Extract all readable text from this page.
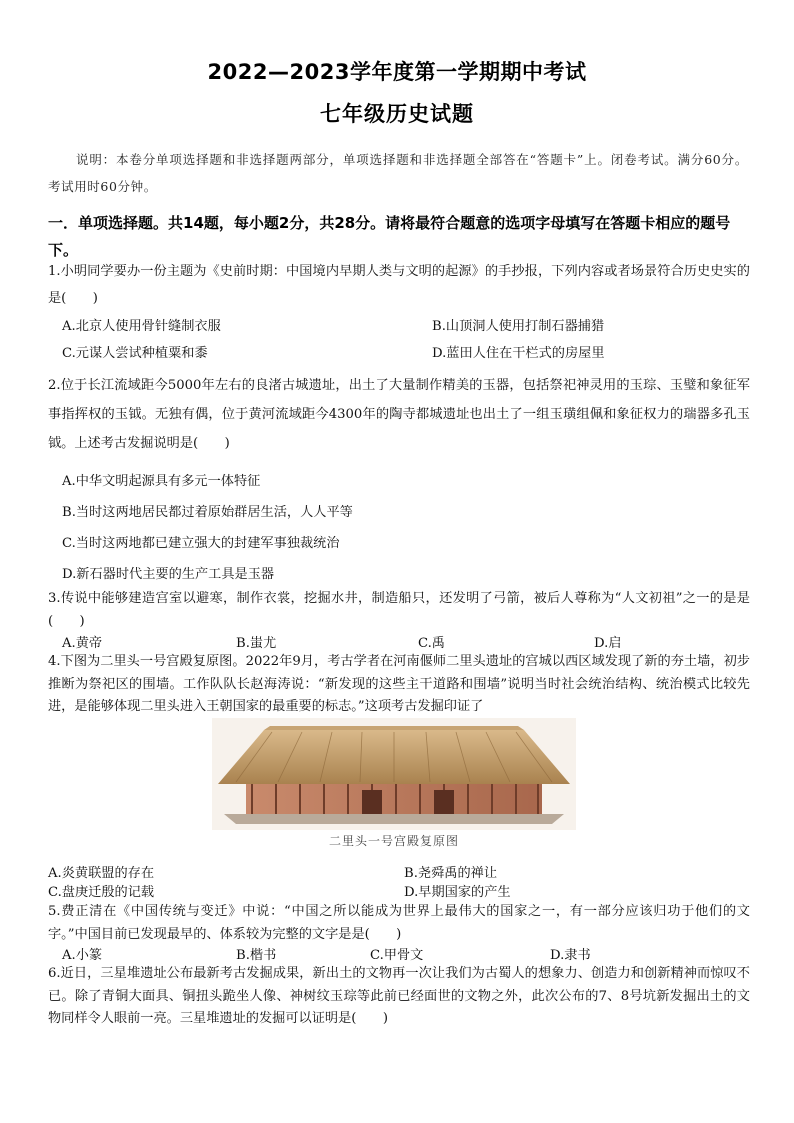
2022—2023学年度第一学期期中考试
七年级历史试题
说明：本卷分单项选择题和非选择题两部分，单项选择题和非选择题全部答在“答题卡”上。闭卷考试。满分60分。考试用时60分钟。
一．单项选择题。共14题，每小题2分，共28分。请将最符合题意的选项字母填写在答题卡相应的题号下。
1.小明同学要办一份主题为《史前时期：中国境内早期人类与文明的起源》的手抄报，下列内容或者场景符合历史史实的是(　　)
A.北京人使用骨针缝制衣服	B.山顶洞人使用打制石器捕猎
C.元谋人尝试种植粟和黍	D.蓝田人住在干栏式的房屋里
2.位于长江流域距今5000年左右的良渚古城遗址，出土了大量制作精美的玉器，包括祭祀神灵用的玉琮、玉璧和象征军事指挥权的玉钺。无独有偶，位于黄河流域距今4300年的陶寺都城遗址也出土了一组玉璜组佩和象征权力的瑞器多孔玉钺。上述考古发掘说明是(　　)
A.中华文明起源具有多元一体特征
B.当时这两地居民都过着原始群居生活，人人平等
C.当时这两地都已建立强大的封建军事独裁统治
D.新石器时代主要的生产工具是玉器
3.传说中能够建造宫室以避寒，制作衣裳，挖掘水井，制造船只，还发明了弓箭，被后人尊称为“人文初祖”之一的是是(　　)
A.黄帝	B.蚩尤	C.禹	D.启
4.下图为二里头一号宫殿复原图。2022年9月，考古学者在河南偃师二里头遗址的宫城以西区域发现了新的夯土墙，初步推断为祭祀区的围墙。工作队队长赵海涛说：“新发现的这些主干道路和围墙”说明当时社会统治结构、统治模式比较先进，是能够体现二里头进入王朝国家的最重要的标志。”这项考古发掘印证了
二里头一号宫殿复原图
A.炎黄联盟的存在	B.尧舜禹的禅让
C.盘庚迁殷的记载	D.早期国家的产生
5.费正清在《中国传统与变迁》中说：“中国之所以能成为世界上最伟大的国家之一，有一部分应该归功于他们的文字。”中国目前已发现最早的、体系较为完整的文字是是(　　)
A.小篆	B.楷书	C.甲骨文	D.隶书
6.近日，三星堆遗址公布最新考古发掘成果，新出土的文物再一次让我们为古蜀人的想象力、创造力和创新精神而惊叹不已。除了青铜大面具、铜扭头跪坐人像、神树纹玉琮等此前已经面世的文物之外，此次公布的7、8号坑新发掘出土的文物同样令人眼前一亮。三星堆遗址的发掘可以证明是(　　)
